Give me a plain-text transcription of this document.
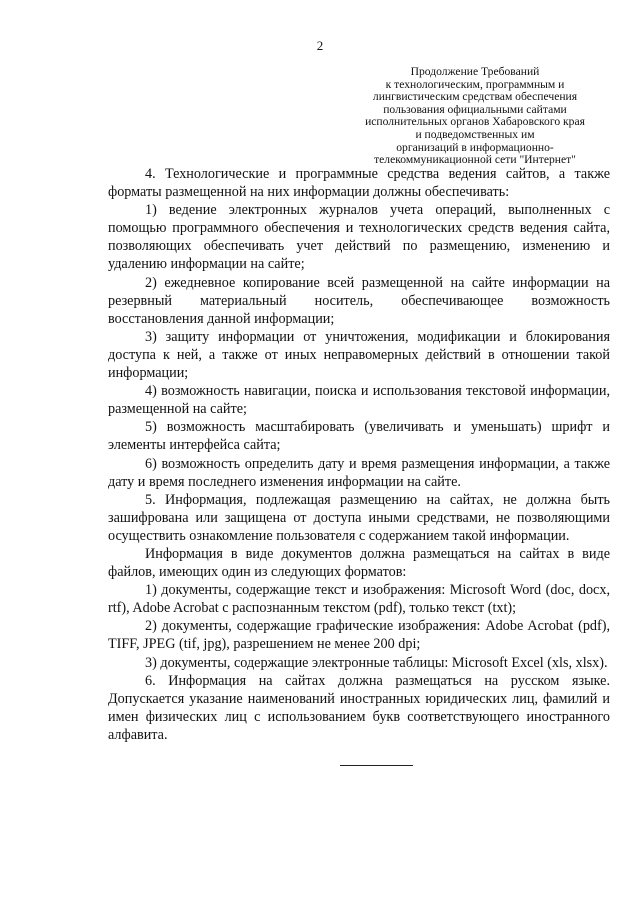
2
Продолжение Требований
к технологическим, программным и
лингвистическим средствам обеспечения
пользования официальными сайтами
исполнительных органов Хабаровского края
и подведомственных им
организаций в информационно-
телекоммуникационной сети "Интернет"

4. Технологические и программные средства ведения сайтов, а также форматы размещенной на них информации должны обеспечивать:

1) ведение электронных журналов учета операций, выполненных с помощью программного обеспечения и технологических средств ведения сайта, позволяющих обеспечивать учет действий по размещению, изменению и удалению информации на сайте;

2) ежедневное копирование всей размещенной на сайте информации на резервный материальный носитель, обеспечивающее возможность восстановления данной информации;

3) защиту информации от уничтожения, модификации и блокирования доступа к ней, а также от иных неправомерных действий в отношении такой информации;

4) возможность навигации, поиска и использования текстовой информации, размещенной на сайте;

5) возможность масштабировать (увеличивать и уменьшать) шрифт и элементы интерфейса сайта;

6) возможность определить дату и время размещения информации, а также дату и время последнего изменения информации на сайте.

5. Информация, подлежащая размещению на сайтах, не должна быть зашифрована или защищена от доступа иными средствами, не позволяющими осуществить ознакомление пользователя с содержанием такой информации.

Информация в виде документов должна размещаться на сайтах в виде файлов, имеющих один из следующих форматов:

1) документы, содержащие текст и изображения: Microsoft Word (doc, docx, rtf), Adobe Acrobat с распознанным текстом (pdf), только текст (txt);

2) документы, содержащие графические изображения: Adobe Acrobat (pdf), TIFF, JPEG (tif, jpg), разрешением не менее 200 dpi;

3) документы, содержащие электронные таблицы: Microsoft Excel (xls, xlsx).

6. Информация на сайтах должна размещаться на русском языке. Допускается указание наименований иностранных юридических лиц, фамилий и имен физических лиц с использованием букв соответствующего иностранного алфавита.
